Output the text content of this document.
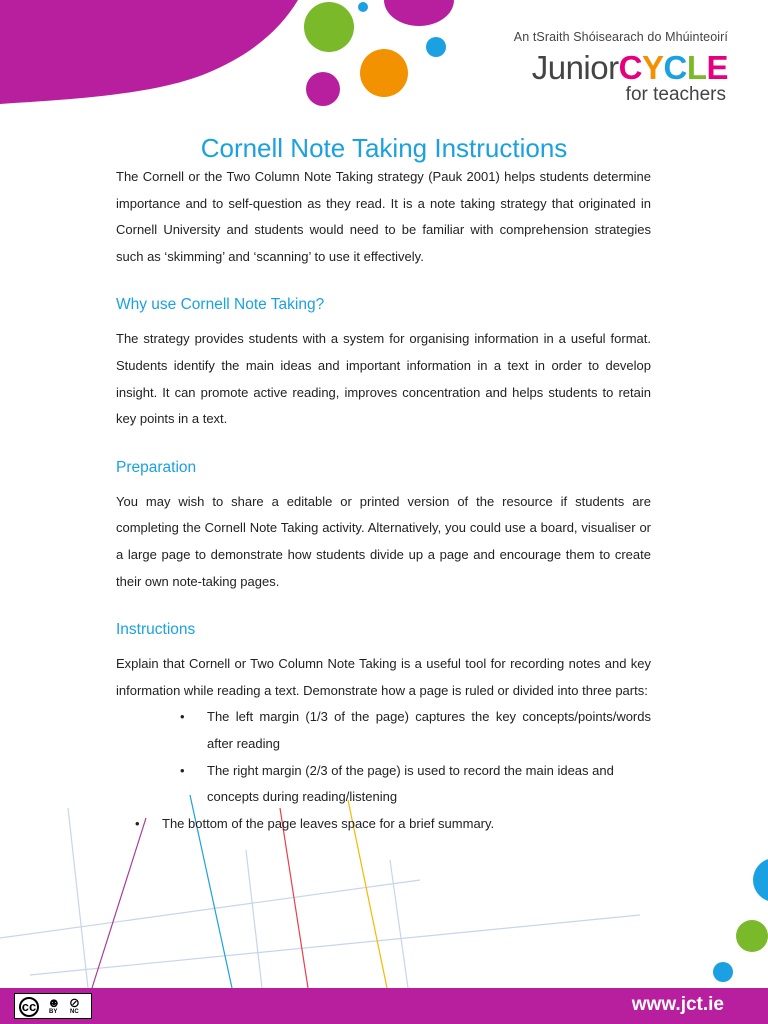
An tSraith Shóisearach do Mhúinteoirí
JuniorCYCLE
for teachers
Cornell Note Taking Instructions

The Cornell or the Two Column Note Taking strategy (Pauk 2001) helps students determine importance and to self-question as they read. It is a note taking strategy that originated in Cornell University and students would need to be familiar with comprehension strategies such as ‘skimming’ and ‘scanning’ to use it effectively.

Why use Cornell Note Taking?

The strategy provides students with a system for organising information in a useful format. Students identify the main ideas and important information in a text in order to develop insight. It can promote active reading, improves concentration and helps students to retain key points in a text.

Preparation

You may wish to share a editable or printed version of the resource if students are completing the Cornell Note Taking activity. Alternatively, you could use a board, visualiser or a large page to demonstrate how students divide up a page and encourage them to create their own note-taking pages.

Instructions

Explain that Cornell or Two Column Note Taking is a useful tool for recording notes and key information while reading a text. Demonstrate how a page is ruled or divided into three parts:

• The left margin (1/3 of the page) captures the key concepts/points/words after reading
• The right margin (2/3 of the page) is used to record the main ideas and concepts during reading/listening
• The bottom of the page leaves space for a brief summary.
cc ☻ ⊘
BY NC	www.jct.ie
